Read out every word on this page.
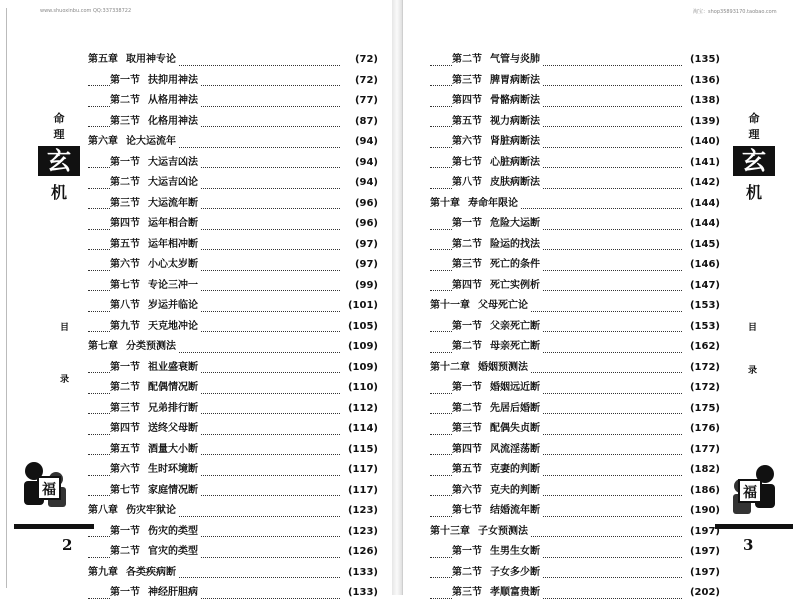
www.shuoxinbu.com QQ:337338722
命
理
玄
机
目
录
福
2
第五章 取用神专论	(72)
第一节 扶抑用神法	(72)
第二节 从格用神法	(77)
第三节 化格用神法	(87)
第六章 论大运流年	(94)
第一节 大运吉凶法	(94)
第二节 大运吉凶论	(94)
第三节 大运流年断	(96)
第四节 运年相合断	(96)
第五节 运年相冲断	(97)
第六节 小心太岁断	(97)
第七节 专论三冲一	(99)
第八节 岁运并临论	(101)
第九节 天克地冲论	(105)
第七章 分类预测法	(109)
第一节 祖业盛衰断	(109)
第二节 配偶情况断	(110)
第三节 兄弟排行断	(112)
第四节 送终父母断	(114)
第五节 酒量大小断	(115)
第六节 生时环境断	(117)
第七节 家庭情况断	(117)
第八章 伤灾牢狱论	(123)
第一节 伤灾的类型	(123)
第二节 官灾的类型	(126)
第九章 各类疾病断	(133)
第一节 神经肝胆病	(133)
淘宝：shop35893170.taobao.com
命
理
玄
机
目
录
福
3
第二节 气管与炎肺	(135)
第三节 脾胃病断法	(136)
第四节 骨骼病断法	(138)
第五节 视力病断法	(139)
第六节 肾脏病断法	(140)
第七节 心脏病断法	(141)
第八节 皮肤病断法	(142)
第十章 寿命年限论	(144)
第一节 危险大运断	(144)
第二节 险运的找法	(145)
第三节 死亡的条件	(146)
第四节 死亡实例析	(147)
第十一章 父母死亡论	(153)
第一节 父亲死亡断	(153)
第二节 母亲死亡断	(162)
第十二章 婚姻预测法	(172)
第一节 婚姻远近断	(172)
第二节 先居后婚断	(175)
第三节 配偶失贞断	(176)
第四节 风流淫荡断	(177)
第五节 克妻的判断	(182)
第六节 克夫的判断	(186)
第七节 结婚流年断	(190)
第十三章 子女预测法	(197)
第一节 生男生女断	(197)
第二节 子女多少断	(197)
第三节 孝顺富贵断	(202)
